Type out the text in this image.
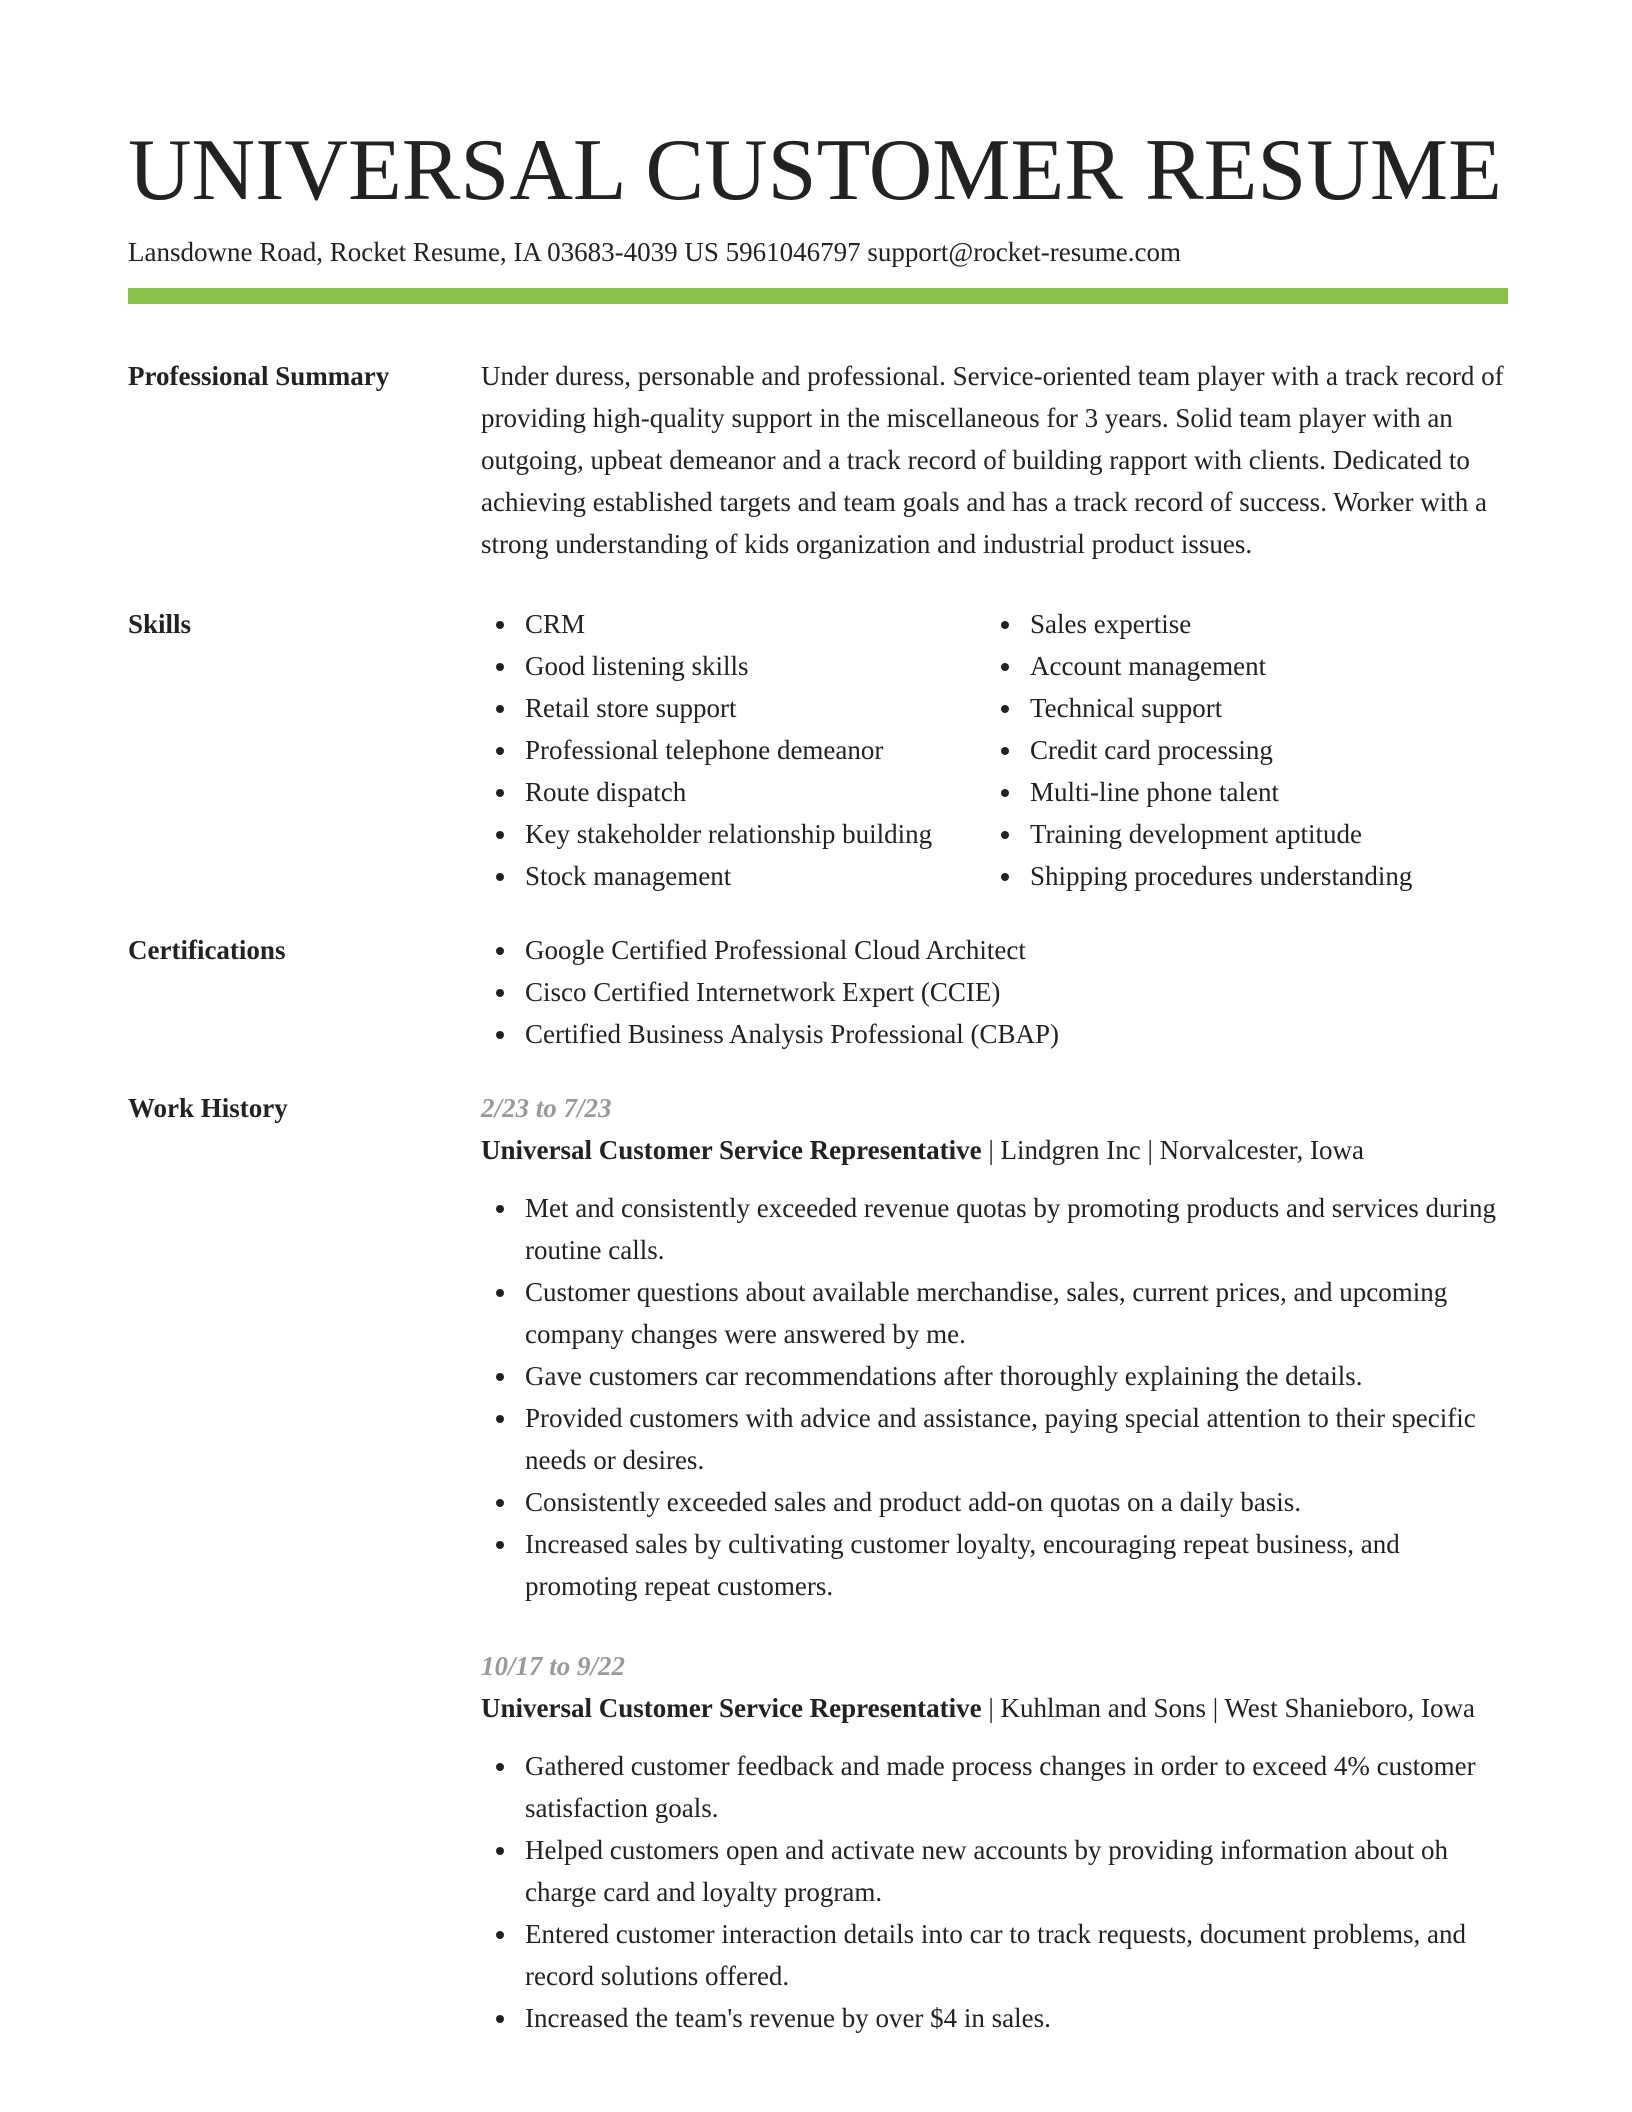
UNIVERSAL CUSTOMER RESUME
Lansdowne Road, Rocket Resume, IA 03683-4039 US 5961046797 support@rocket-resume.com
Professional Summary	Under duress, personable and professional. Service-oriented team player with a track record of providing high-quality support in the miscellaneous for 3 years. Solid team player with an outgoing, upbeat demeanor and a track record of building rapport with clients. Dedicated to achieving established targets and team goals and has a track record of success. Worker with a strong understanding of kids organization and industrial product issues.

Skills	CRM
Good listening skills
Retail store support
Professional telephone demeanor
Route dispatch
Key stakeholder relationship building
Stock management
Sales expertise
Account management
Technical support
Credit card processing
Multi-line phone talent
Training development aptitude
Shipping procedures understanding
Certifications	Google Certified Professional Cloud Architect
Cisco Certified Internetwork Expert (CCIE)
Certified Business Analysis Professional (CBAP)
Work History	2/23 to 7/23
Universal Customer Service Representative | Lindgren Inc | Norvalcester, Iowa
Met and consistently exceeded revenue quotas by promoting products and services during routine calls.
Customer questions about available merchandise, sales, current prices, and upcoming company changes were answered by me.
Gave customers car recommendations after thoroughly explaining the details.
Provided customers with advice and assistance, paying special attention to their specific needs or desires.
Consistently exceeded sales and product add-on quotas on a daily basis.
Increased sales by cultivating customer loyalty, encouraging repeat business, and promoting repeat customers.
10/17 to 9/22
Universal Customer Service Representative | Kuhlman and Sons | West Shanieboro, Iowa
Gathered customer feedback and made process changes in order to exceed 4% customer satisfaction goals.
Helped customers open and activate new accounts by providing information about oh charge card and loyalty program.
Entered customer interaction details into car to track requests, document problems, and record solutions offered.
Increased the team's revenue by over $4 in sales.
